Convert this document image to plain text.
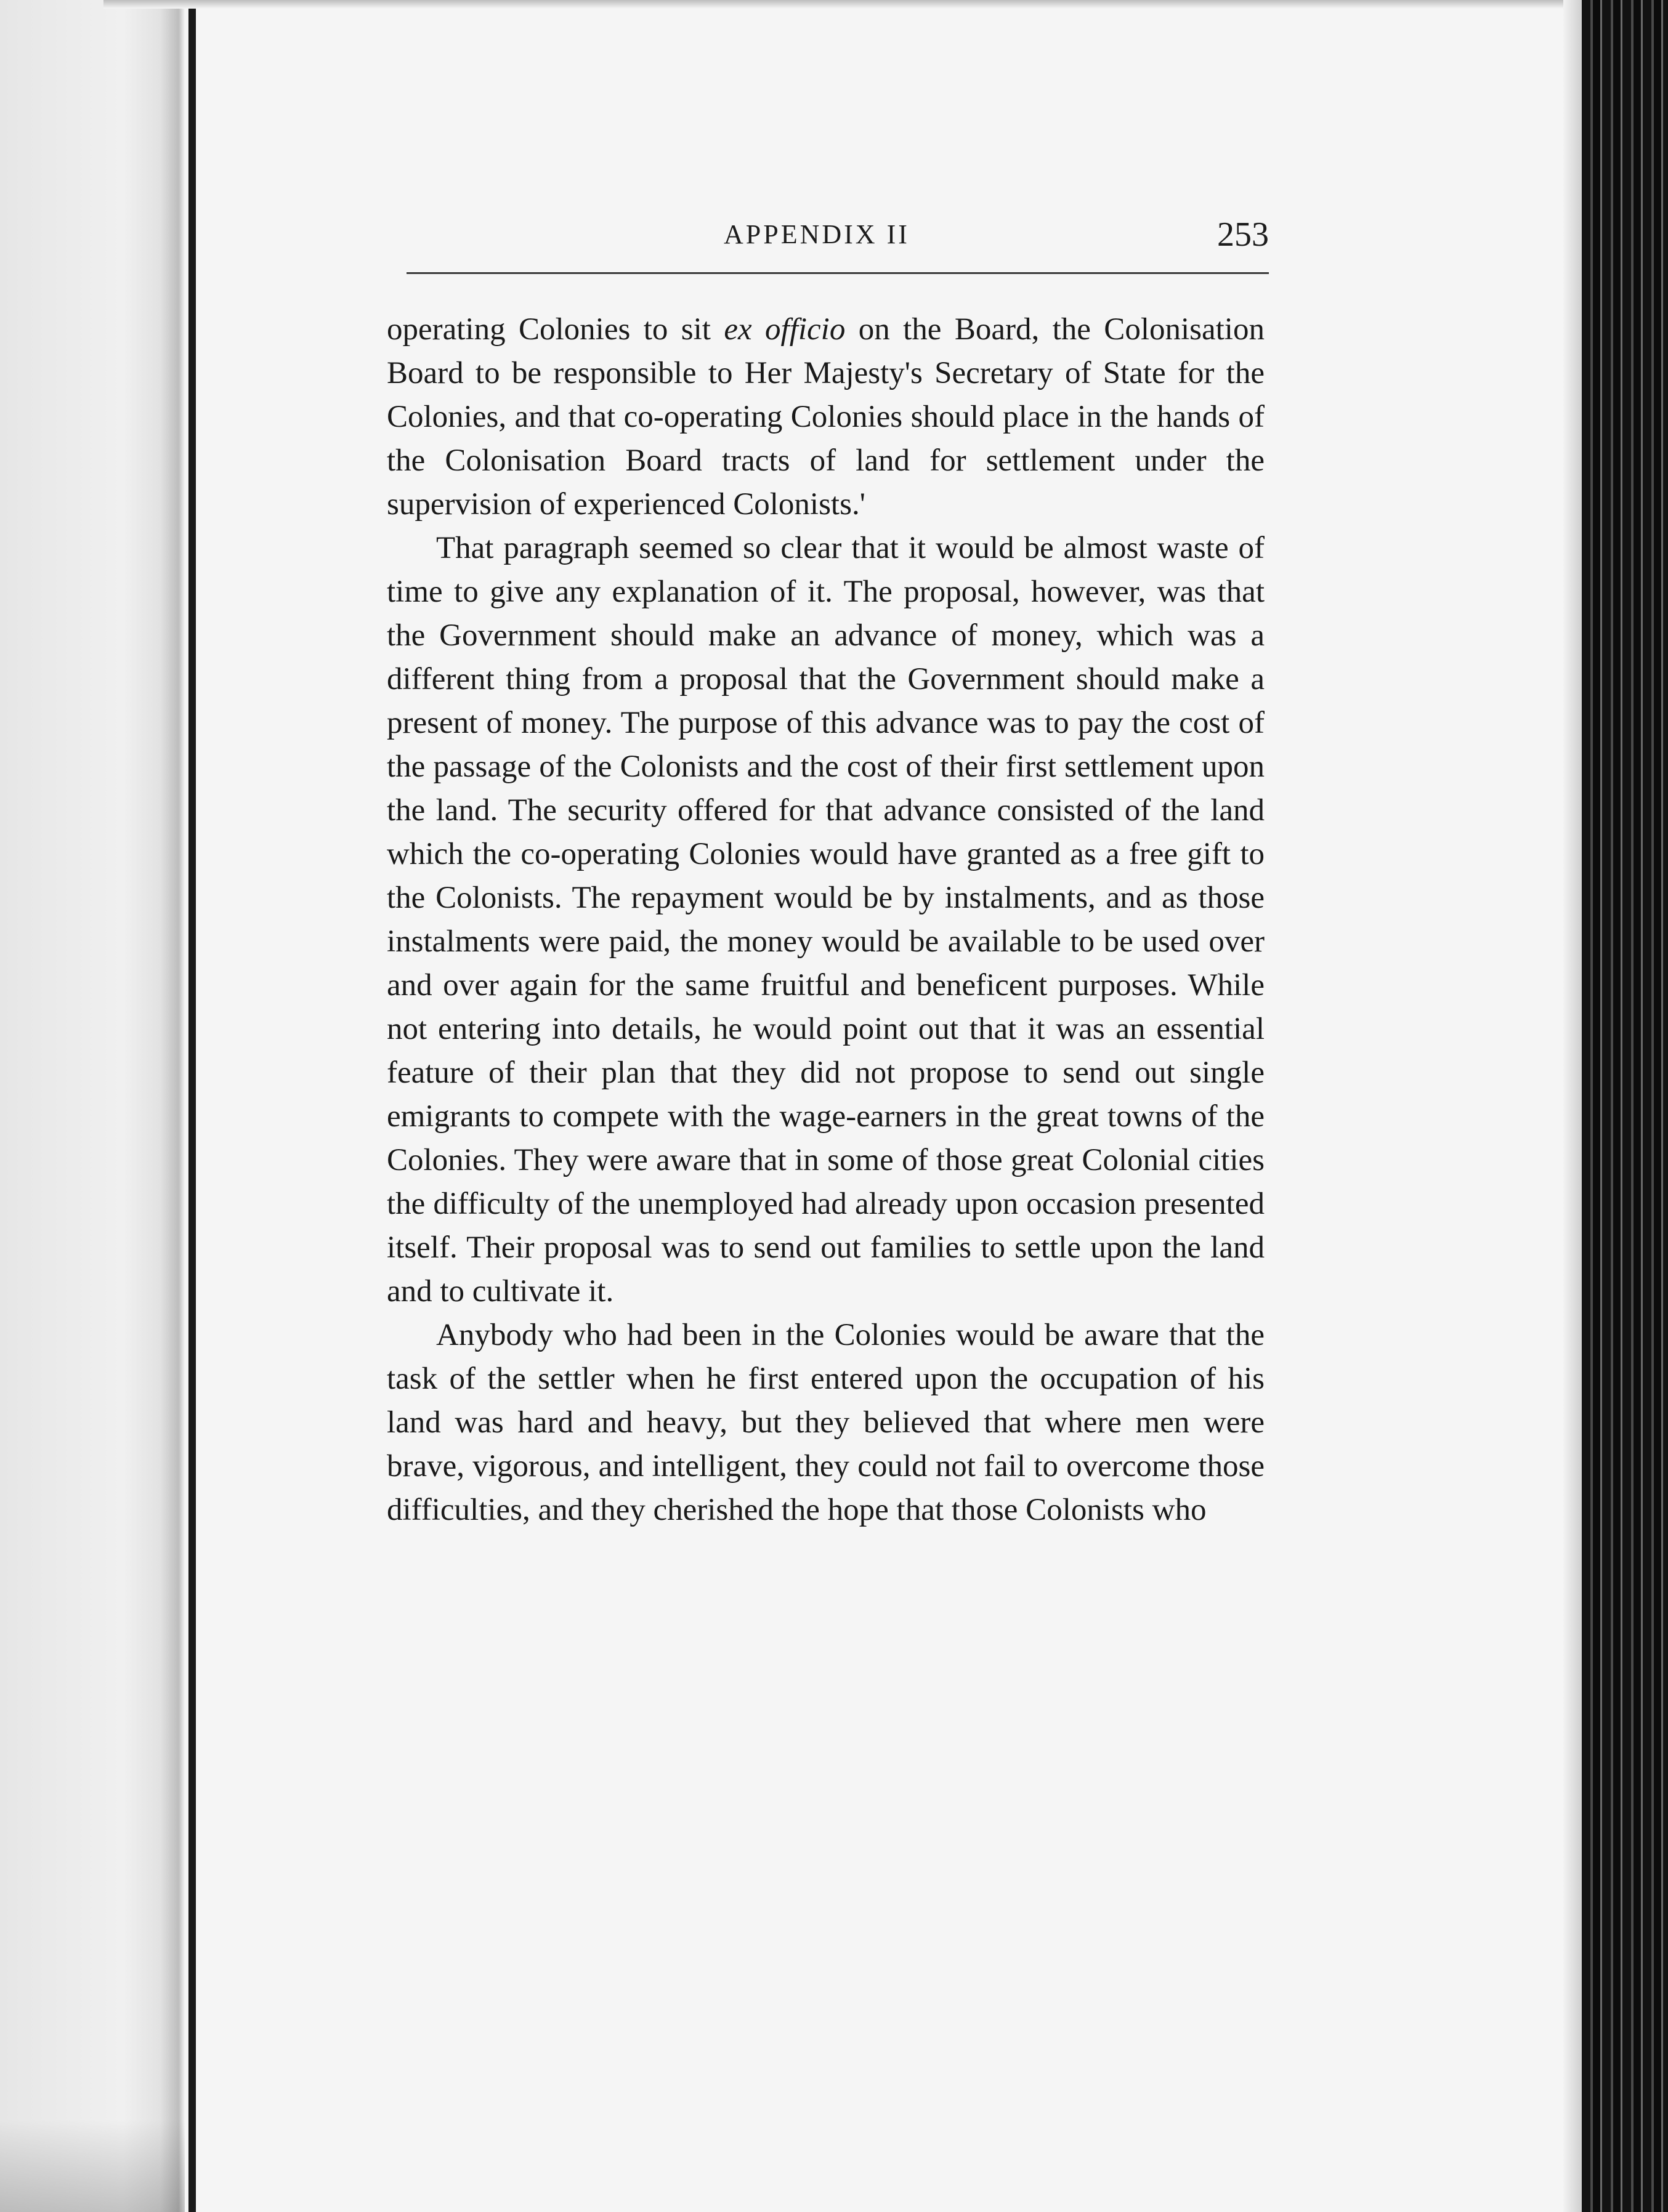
APPENDIX II	253

operating Colonies to sit ex officio on the Board, the Colonisation Board to be responsible to Her Majesty's Secretary of State for the Colonies, and that co-operating Colonies should place in the hands of the Colonisation Board tracts of land for settlement under the supervision of experienced Colonists.'

That paragraph seemed so clear that it would be almost waste of time to give any explanation of it. The proposal, however, was that the Government should make an advance of money, which was a different thing from a proposal that the Government should make a present of money. The purpose of this advance was to pay the cost of the passage of the Colonists and the cost of their first settlement upon the land. The security offered for that advance consisted of the land which the co-operating Colonies would have granted as a free gift to the Colonists. The repayment would be by instalments, and as those instalments were paid, the money would be available to be used over and over again for the same fruitful and beneficent purposes. While not entering into details, he would point out that it was an essential feature of their plan that they did not propose to send out single emigrants to compete with the wage-earners in the great towns of the Colonies. They were aware that in some of those great Colonial cities the difficulty of the unemployed had already upon occasion presented itself. Their proposal was to send out families to settle upon the land and to cultivate it.

Anybody who had been in the Colonies would be aware that the task of the settler when he first entered upon the occupation of his land was hard and heavy, but they believed that where men were brave, vigorous, and intelligent, they could not fail to overcome those difficulties, and they cherished the hope that those Colonists who
